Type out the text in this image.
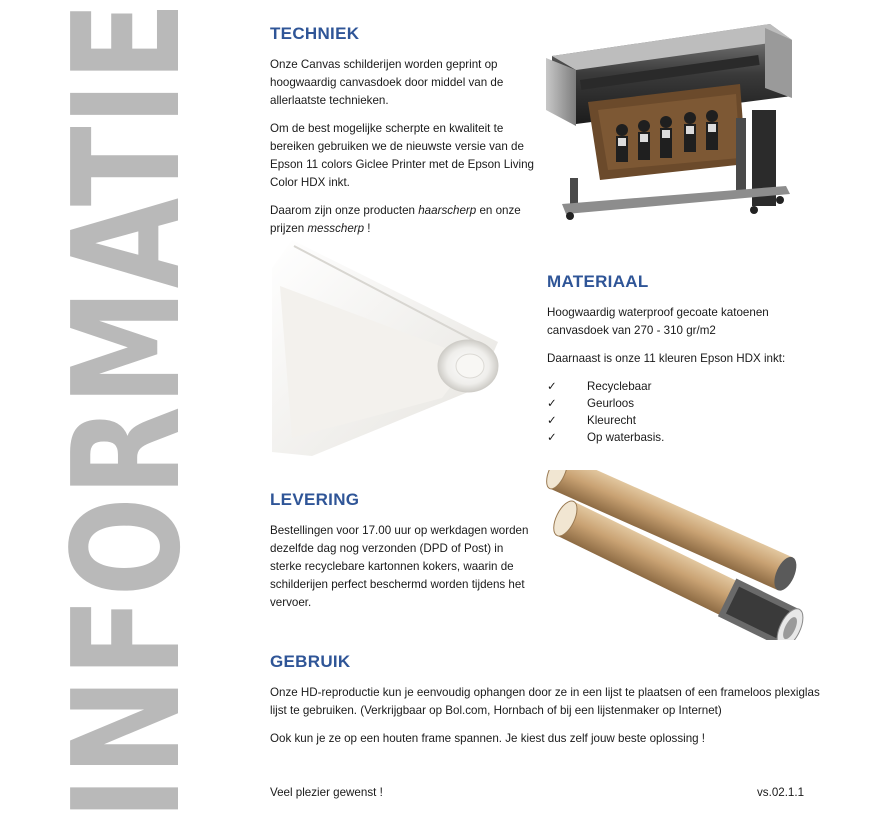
INFORMATIE	TECHNIEK

Onze Canvas schilderijen worden geprint op hoogwaardig canvasdoek door middel van de allerlaatste technieken.

Om de best mogelijke scherpte en kwaliteit te bereiken gebruiken we de nieuwste versie van de Epson 11 colors Giclee Printer met de Epson Living Color HDX inkt.

Daarom zijn onze producten haarscherp en onze prijzen messcherp !

MATERIAAL

Hoogwaardig waterproof gecoate katoenen canvasdoek van 270 - 310 gr/m2

Daarnaast is onze 11 kleuren Epson HDX inkt:

✓	Recyclebaar
✓	Geurloos
✓	Kleurecht
✓	Op waterbasis.
LEVERING

Bestellingen voor 17.00 uur op werkdagen worden dezelfde dag nog verzonden (DPD of Post) in sterke recyclebare kartonnen kokers, waarin de schilderijen perfect beschermd worden tijdens het vervoer.

GEBRUIK

Onze HD-reproductie kun je eenvoudig ophangen door ze in een lijst te plaatsen of een frameloos plexiglas lijst te gebruiken. (Verkrijgbaar op Bol.com, Hornbach of bij een lijstenmaker op Internet)

Ook kun je ze op een houten frame spannen. Je kiest dus zelf jouw beste oplossing !

Veel plezier gewenst !	vs.02.1.1
